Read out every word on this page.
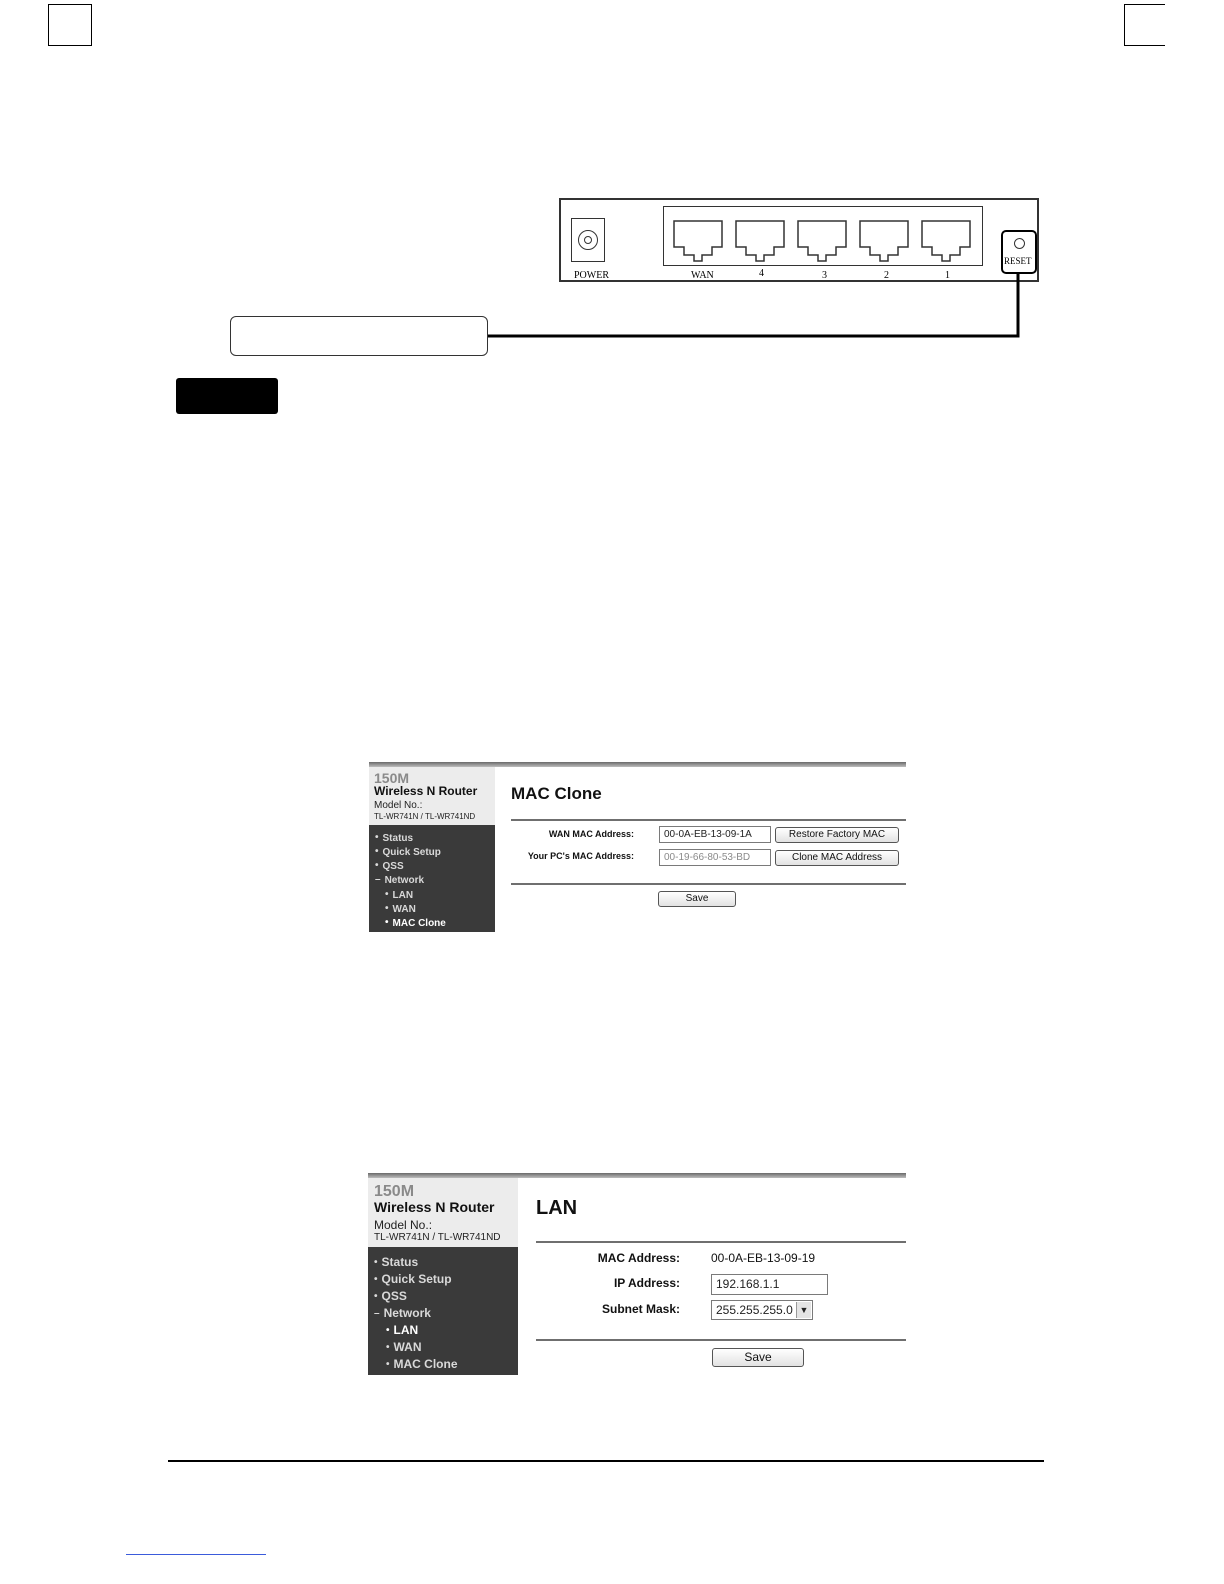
POWER	WAN	4	3	2	1
RESET
150M
Wireless N Router
Model No.:
TL-WR741N / TL-WR741ND
• Status
• Quick Setup
• QSS
– Network
• LAN
• WAN
• MAC Clone
MAC Clone
WAN MAC Address:	00-0A-EB-13-09-1A	Restore Factory MAC
Your PC's MAC Address:	00-19-66-80-53-BD	Clone MAC Address
Save
150M
Wireless N Router
Model No.:
TL-WR741N / TL-WR741ND
• Status
• Quick Setup
• QSS
– Network
• LAN
• WAN
• MAC Clone
LAN
MAC Address:	00-0A-EB-13-09-19
IP Address:	192.168.1.1
Subnet Mask:	255.255.255.0 ▼
Save
